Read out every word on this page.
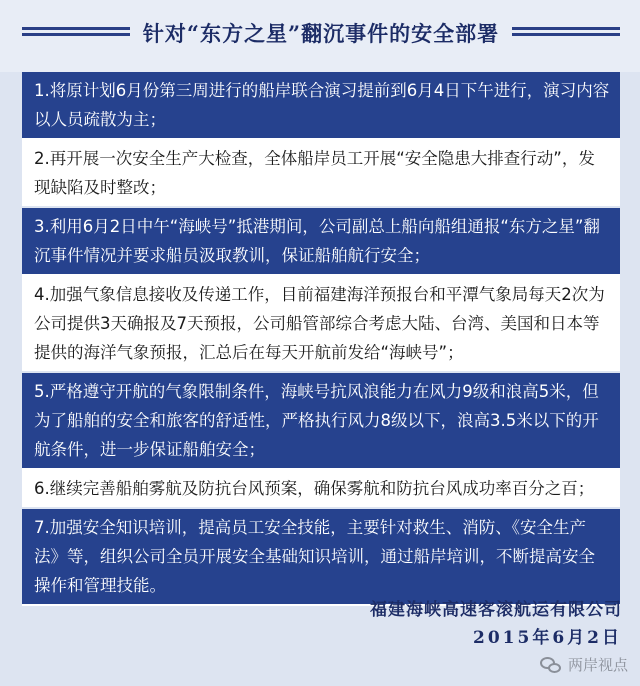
针对“东方之星”翻沉事件的安全部署
1.将原计划6月份第三周进行的船岸联合演习提前到6月4日下午进行，演习内容以人员疏散为主；
2.再开展一次安全生产大检查，全体船岸员工开展“安全隐患大排查行动”，发现缺陷及时整改；
3.利用6月2日中午“海峡号”抵港期间，公司副总上船向船组通报“东方之星”翻沉事件情况并要求船员汲取教训，保证船舶航行安全；
4.加强气象信息接收及传递工作，目前福建海洋预报台和平潭气象局每天2次为公司提供3天确报及7天预报，公司船管部综合考虑大陆、台湾、美国和日本等提供的海洋气象预报，汇总后在每天开航前发给“海峡号”；
5.严格遵守开航的气象限制条件，海峡号抗风浪能力在风力9级和浪高5米，但为了船舶的安全和旅客的舒适性，严格执行风力8级以下，浪高3.5米以下的开航条件，进一步保证船舶安全；
6.继续完善船舶雾航及防抗台风预案，确保雾航和防抗台风成功率百分之百；
7.加强安全知识培训，提高员工安全技能，主要针对救生、消防、《安全生产法》等，组织公司全员开展安全基础知识培训，通过船岸培训，不断提高安全操作和管理技能。
福建海峡高速客滚航运有限公司
2015年6月2日
两岸视点
